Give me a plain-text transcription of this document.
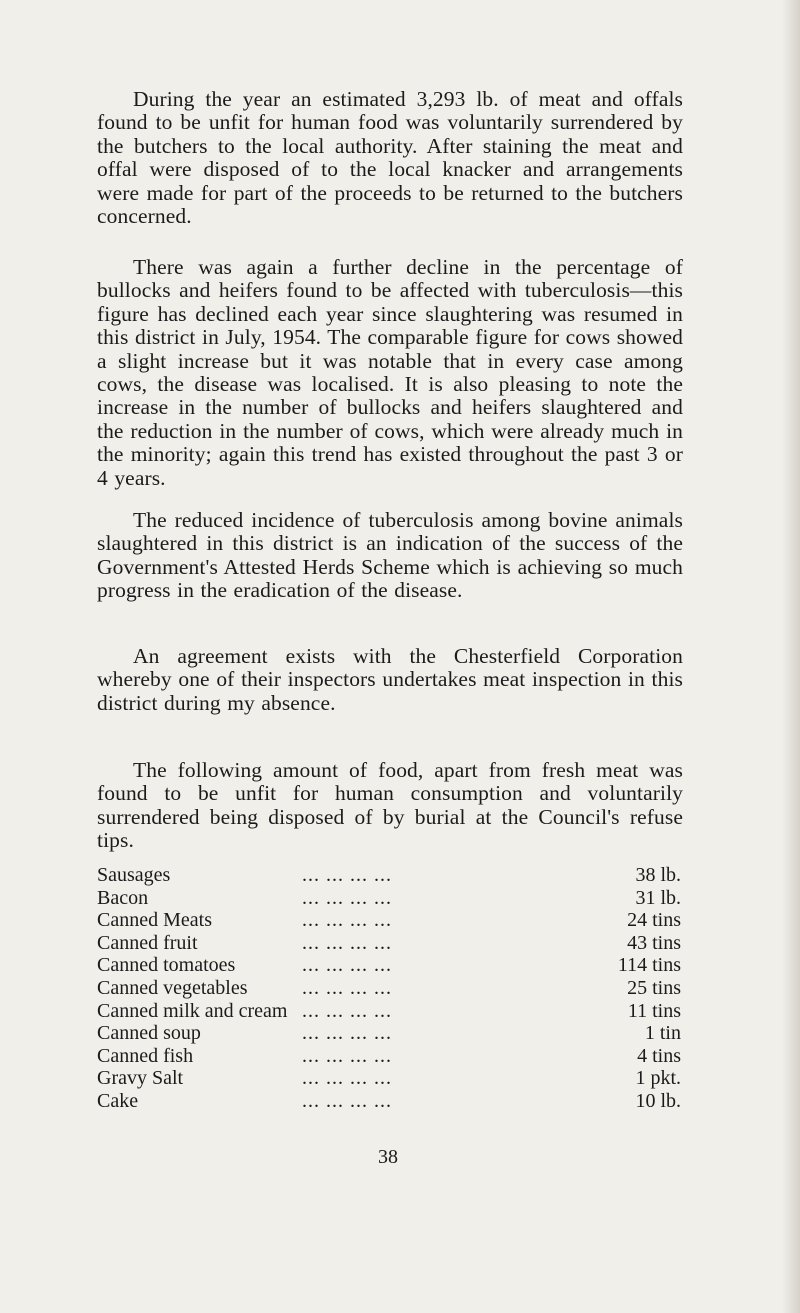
During the year an estimated 3,293 lb. of meat and offals found to be unfit for human food was voluntarily surrendered by the butchers to the local authority. After staining the meat and offal were disposed of to the local knacker and arrangements were made for part of the proceeds to be returned to the butchers concerned.

There was again a further decline in the percentage of bullocks and heifers found to be affected with tuberculosis—this figure has declined each year since slaughtering was resumed in this district in July, 1954. The comparable figure for cows showed a slight increase but it was notable that in every case among cows, the disease was localised. It is also pleasing to note the increase in the number of bullocks and heifers slaughtered and the reduction in the number of cows, which were already much in the minority; again this trend has existed throughout the past 3 or 4 years.

The reduced incidence of tuberculosis among bovine animals slaughtered in this district is an indication of the success of the Government's Attested Herds Scheme which is achieving so much progress in the eradication of the disease.

An agreement exists with the Chesterfield Corporation whereby one of their inspectors undertakes meat inspection in this district during my absence.

The following amount of food, apart from fresh meat was found to be unfit for human consumption and voluntarily surrendered being disposed of by burial at the Council's refuse tips.

Sausages	... ... ... ...	38 lb.
Bacon	... ... ... ...	31 lb.
Canned Meats	... ... ... ...	24 tins
Canned fruit	... ... ... ...	43 tins
Canned tomatoes	... ... ... ...	114 tins
Canned vegetables	... ... ... ...	25 tins
Canned milk and cream ... ... ... ...	11 tins
Canned soup	... ... ... ...	1 tin
Canned fish	... ... ... ...	4 tins
Gravy Salt	... ... ... ...	1 pkt.
Cake	... ... ... ...	10 lb.
38
